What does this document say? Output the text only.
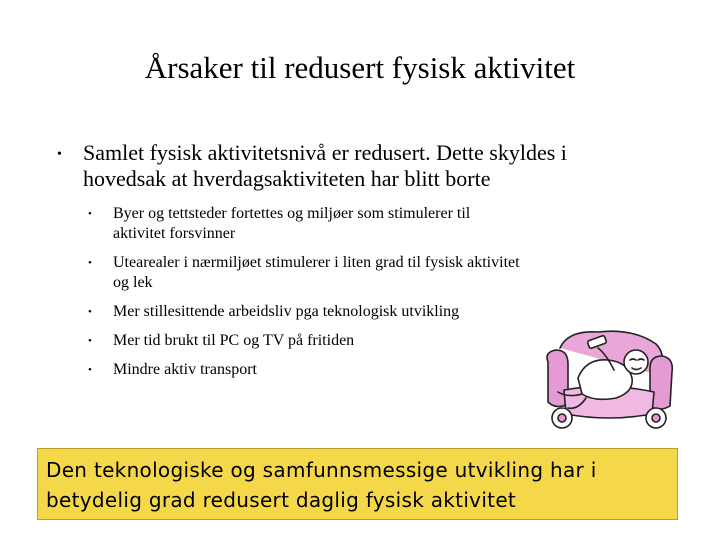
Årsaker til redusert fysisk aktivitet
• Samlet fysisk aktivitetsnivå er redusert. Dette skyldes i
hovedsak at hverdagsaktiviteten har blitt borte
• Byer og tettsteder fortettes og miljøer som stimulerer til
aktivitet forsvinner
• Utearealer i nærmiljøet stimulerer i liten grad til fysisk aktivitet
og lek
• Mer stillesittende arbeidsliv pga teknologisk utvikling
• Mer tid brukt til PC og TV på fritiden
• Mindre aktiv transport
Den teknologiske og samfunnsmessige utvikling har i
betydelig grad redusert daglig fysisk aktivitet
